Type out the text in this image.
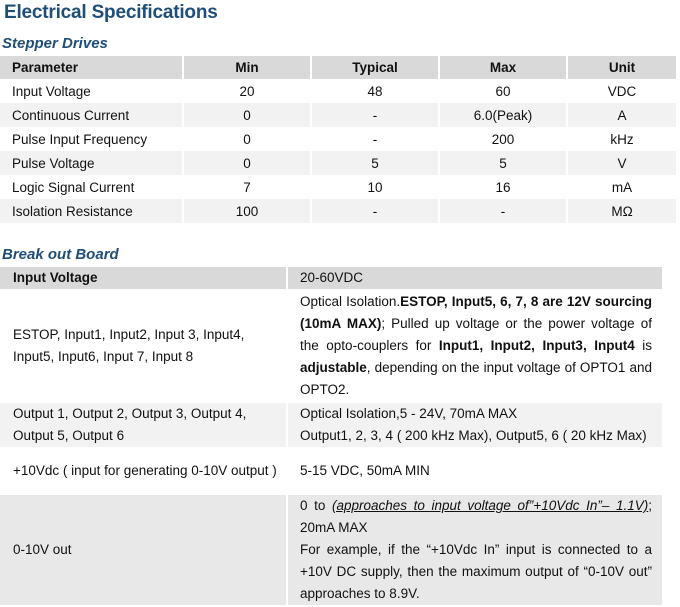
Electrical Specifications
Stepper Drives
Parameter	Min	Typical	Max	Unit
Input Voltage	20	48	60	VDC
Continuous Current	0	-	6.0(Peak)	A
Pulse Input Frequency	0	-	200	kHz
Pulse Voltage	0	5	5	V
Logic Signal Current	7	10	16	mA
Isolation Resistance	100	-	-	MΩ
Break out Board
Input Voltage	20-60VDC
ESTOP, Input1, Input2, Input 3, Input4, Input5, Input6, Input 7, Input 8	Optical Isolation.ESTOP, Input5, 6, 7, 8 are 12V sourcing (10mA MAX); Pulled up voltage or the power voltage of the opto-couplers for Input1, Input2, Input3, Input4 is adjustable, depending on the input voltage of OPTO1 and OPTO2.
Output 1, Output 2, Output 3, Output 4, Output 5, Output 6	Optical Isolation,5 - 24V, 70mA MAX
Output1, 2, 3, 4 ( 200 kHz Max), Output5, 6 ( 20 kHz Max)

+10Vdc ( input for generating 0-10V output )	5-15 VDC, 50mA MIN
0-10V out	0 to (approaches to input voltage of”+10Vdc In”– 1.1V); 20mA MAX
For example, if the “+10Vdc In” input is connected to a +10V DC supply, then the maximum output of “0-10V out” approaches to 8.9V.
